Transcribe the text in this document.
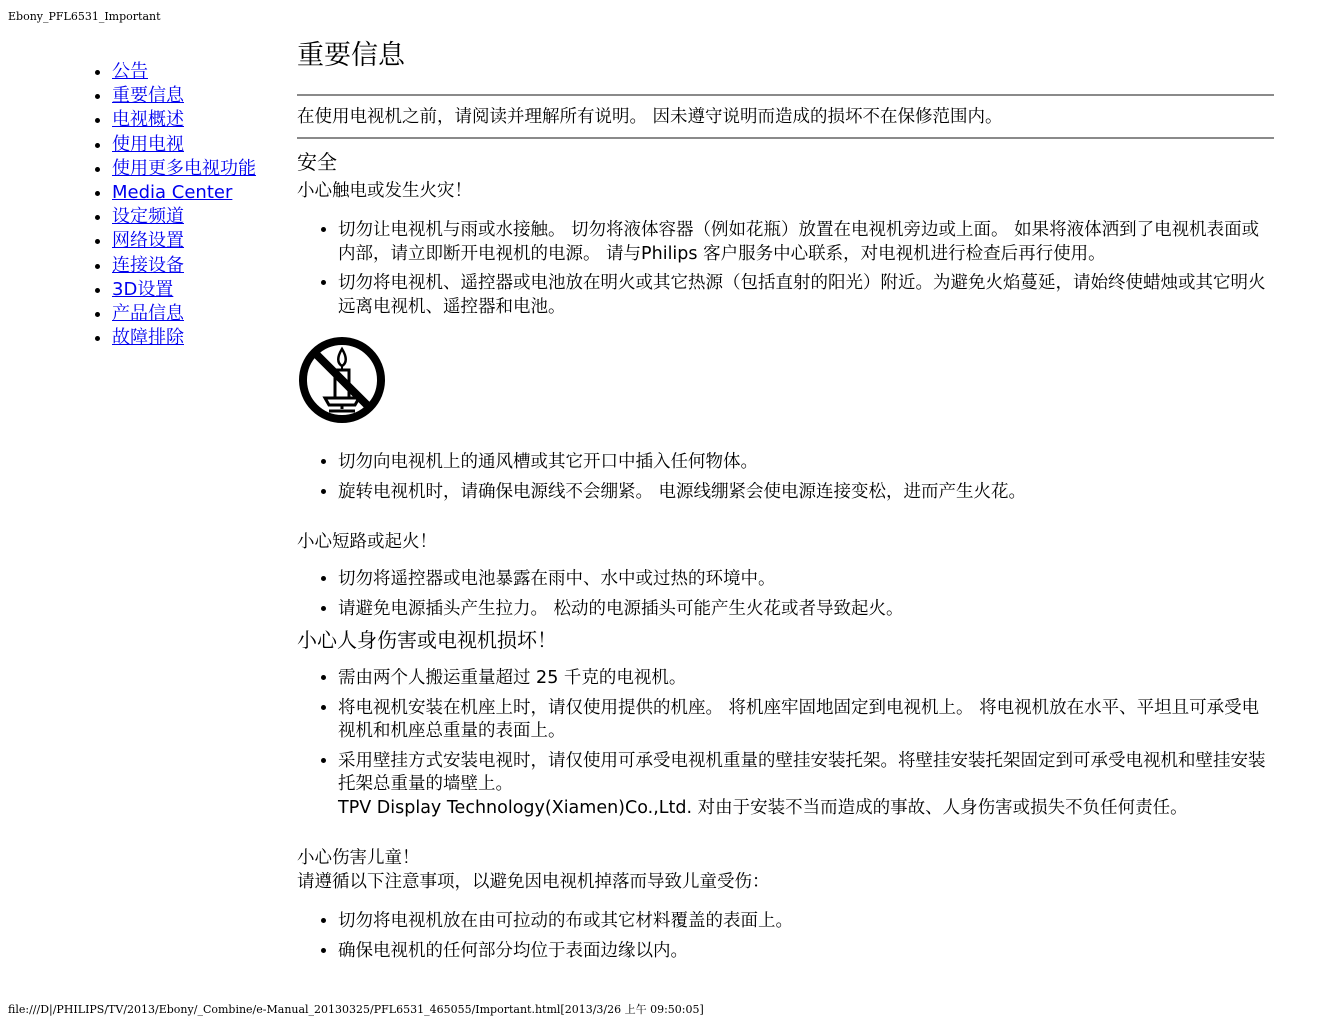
Ebony_PFL6531_Important
• 公告
• 重要信息
• 电视概述
• 使用电视
• 使用更多电视功能
• Media Center
• 设定频道
• 网络设置
• 连接设备
• 3D设置
• 产品信息
• 故障排除
重要信息

在使用电视机之前，请阅读并理解所有说明。 因未遵守说明而造成的损坏不在保修范围内。

安全

小心触电或发生火灾！

• 切勿让电视机与雨或水接触。 切勿将液体容器（例如花瓶）放置在电视机旁边或上面。 如果将液体洒到了电视机表面或内部，请立即断开电视机的电源。 请与Philips 客户服务中心联系，对电视机进行检查后再行使用。
• 切勿将电视机、遥控器或电池放在明火或其它热源（包括直射的阳光）附近。为避免火焰蔓延，请始终使蜡烛或其它明火远离电视机、遥控器和电池。
• 切勿向电视机上的通风槽或其它开口中插入任何物体。
• 旋转电视机时，请确保电源线不会绷紧。 电源线绷紧会使电源连接变松，进而产生火花。

小心短路或起火！

• 切勿将遥控器或电池暴露在雨中、水中或过热的环境中。
• 请避免电源插头产生拉力。 松动的电源插头可能产生火花或者导致起火。
小心人身伤害或电视机损坏！
• 需由两个人搬运重量超过 25 千克的电视机。
• 将电视机安装在机座上时，请仅使用提供的机座。 将机座牢固地固定到电视机上。 将电视机放在水平、平坦且可承受电视机和机座总重量的表面上。
• 采用壁挂方式安装电视时，请仅使用可承受电视机重量的壁挂安装托架。将壁挂安装托架固定到可承受电视机和壁挂安装托架总重量的墙壁上。
TPV Display Technology(Xiamen)Co.,Ltd. 对由于安装不当而造成的事故、人身伤害或损失不负任何责任。

小心伤害儿童！

请遵循以下注意事项，以避免因电视机掉落而导致儿童受伤：

• 切勿将电视机放在由可拉动的布或其它材料覆盖的表面上。
• 确保电视机的任何部分均位于表面边缘以内。
file:///D|/PHILIPS/TV/2013/Ebony/_Combine/e-Manual_20130325/PFL6531_465055/Important.html[2013/3/26 上午 09:50:05]
